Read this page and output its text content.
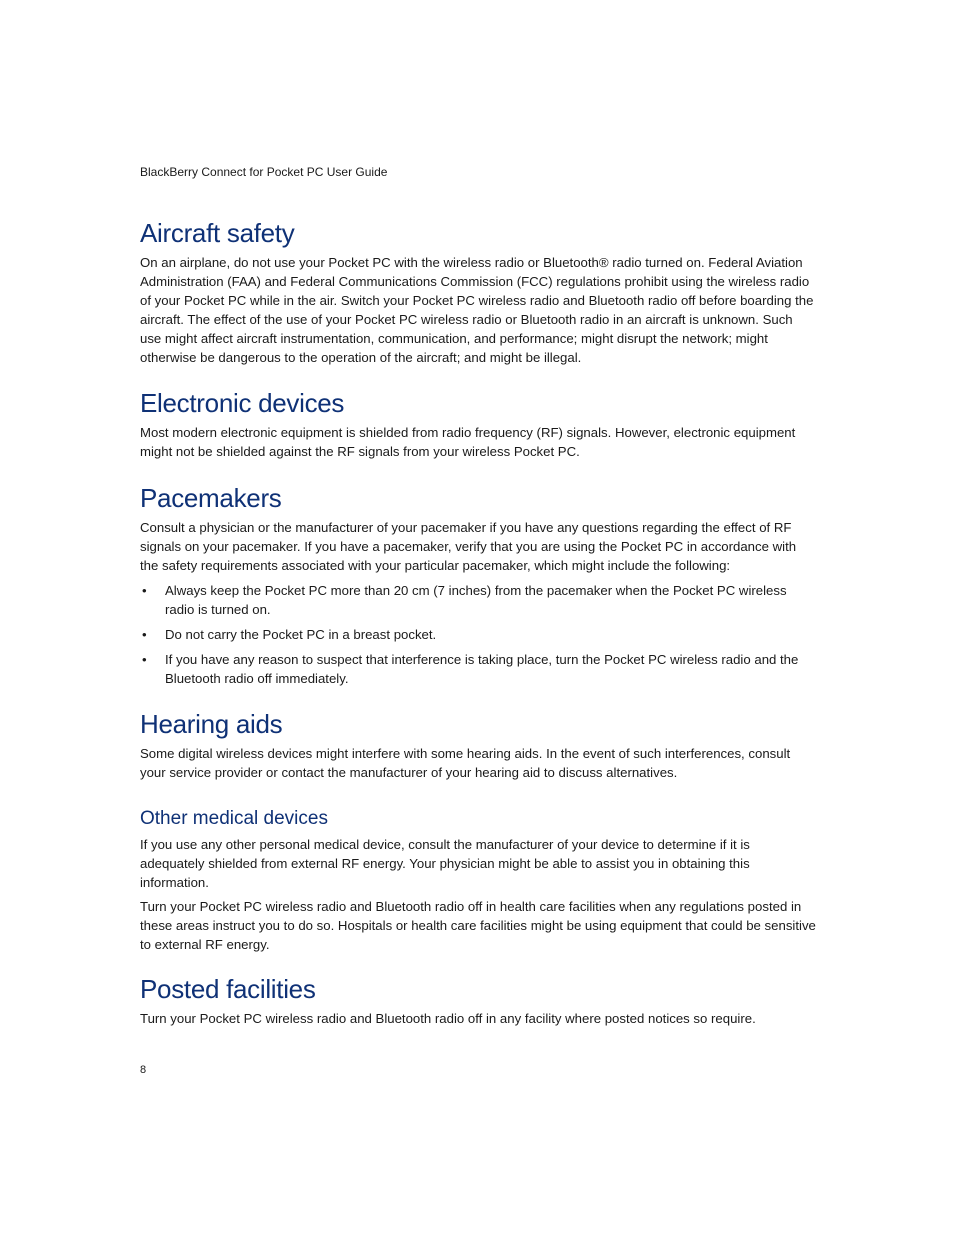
BlackBerry Connect for Pocket PC User Guide
Aircraft safety

On an airplane, do not use your Pocket PC with the wireless radio or Bluetooth® radio turned on. Federal Aviation Administration (FAA) and Federal Communications Commission (FCC) regulations prohibit using the wireless radio of your Pocket PC while in the air. Switch your Pocket PC wireless radio and Bluetooth radio off before boarding the aircraft. The effect of the use of your Pocket PC wireless radio or Bluetooth radio in an aircraft is unknown. Such use might affect aircraft instrumentation, communication, and performance; might disrupt the network; might otherwise be dangerous to the operation of the aircraft; and might be illegal.

Electronic devices

Most modern electronic equipment is shielded from radio frequency (RF) signals. However, electronic equipment might not be shielded against the RF signals from your wireless Pocket PC.

Pacemakers

Consult a physician or the manufacturer of your pacemaker if you have any questions regarding the effect of RF signals on your pacemaker. If you have a pacemaker, verify that you are using the Pocket PC in accordance with the safety requirements associated with your particular pacemaker, which might include the following:

• Always keep the Pocket PC more than 20 cm (7 inches) from the pacemaker when the Pocket PC wireless radio is turned on.
• Do not carry the Pocket PC in a breast pocket.
• If you have any reason to suspect that interference is taking place, turn the Pocket PC wireless radio and the Bluetooth radio off immediately.
Hearing aids

Some digital wireless devices might interfere with some hearing aids. In the event of such interferences, consult your service provider or contact the manufacturer of your hearing aid to discuss alternatives.

Other medical devices

If you use any other personal medical device, consult the manufacturer of your device to determine if it is adequately shielded from external RF energy. Your physician might be able to assist you in obtaining this information.

Turn your Pocket PC wireless radio and Bluetooth radio off in health care facilities when any regulations posted in these areas instruct you to do so. Hospitals or health care facilities might be using equipment that could be sensitive to external RF energy.

Posted facilities

Turn your Pocket PC wireless radio and Bluetooth radio off in any facility where posted notices so require.

8
